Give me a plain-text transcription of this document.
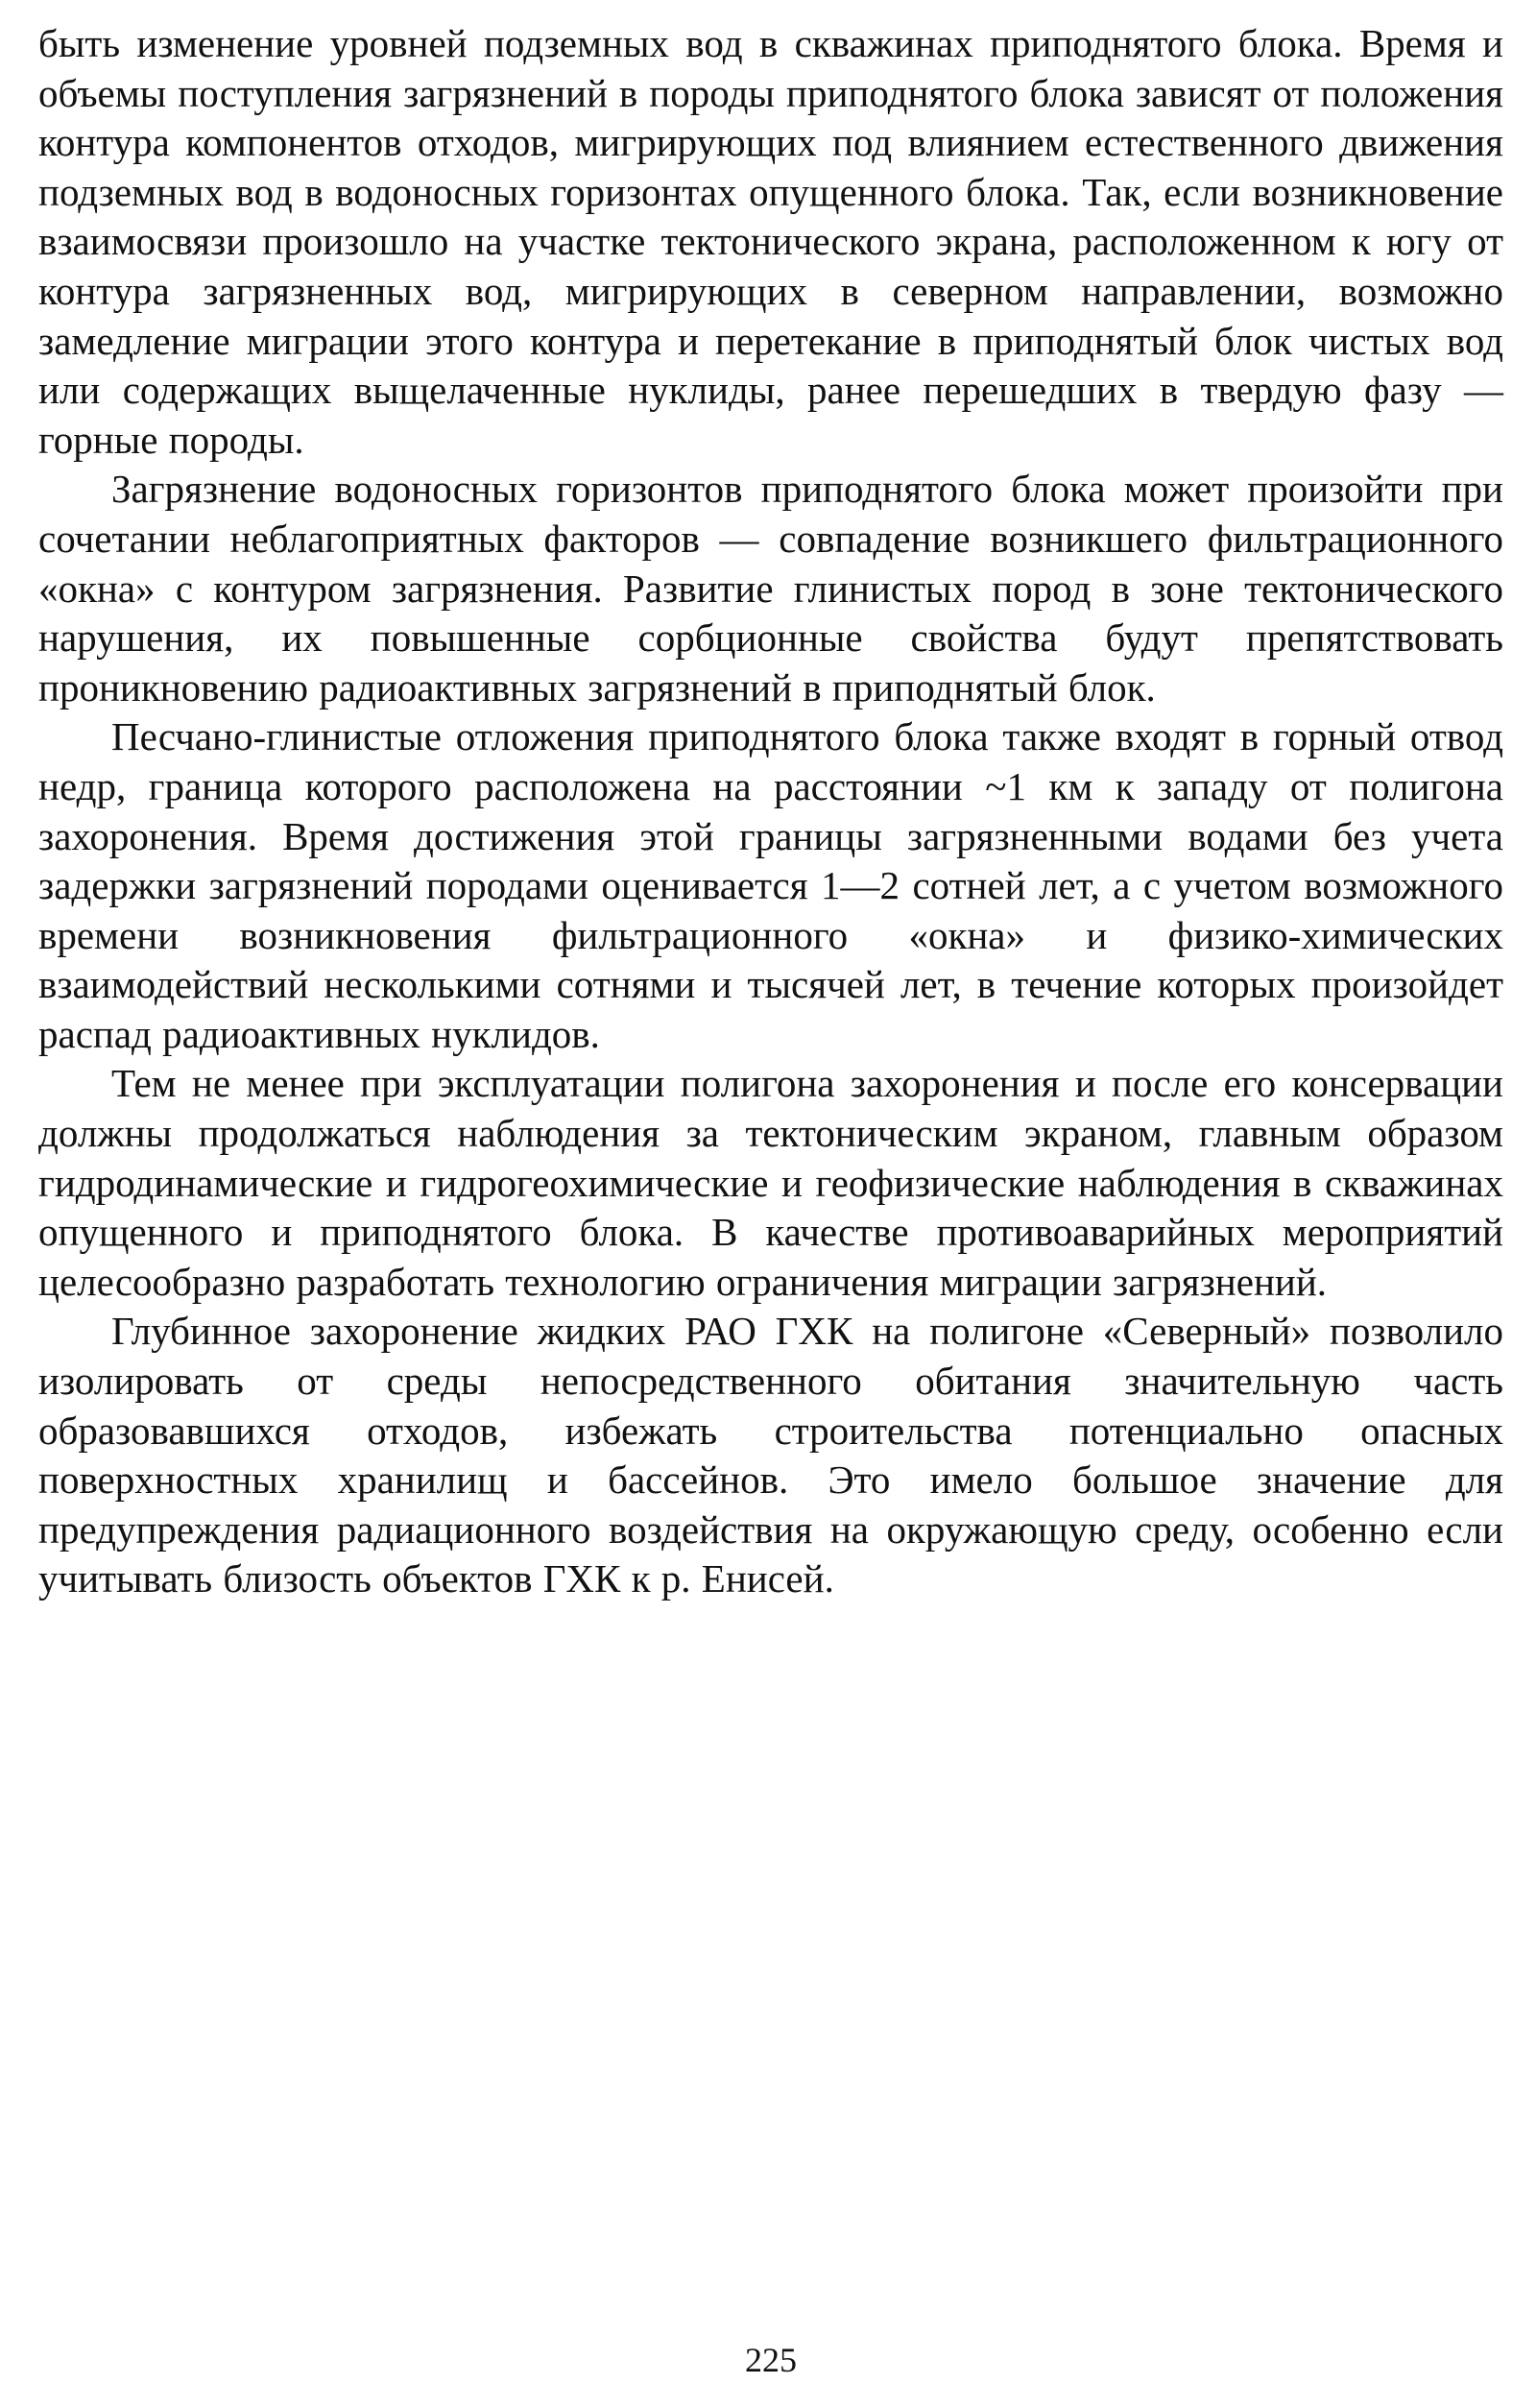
быть изменение уровней подземных вод в скважинах приподнятого блока. Время и объемы поступления загрязнений в породы приподнятого блока зависят от положения контура компонентов отходов, мигрирующих под влиянием естественного движения подземных вод в водоносных горизонтах опущенного блока. Так, если возникновение взаимосвязи произошло на участке тектонического экрана, расположенном к югу от контура загрязненных вод, мигрирующих в северном направлении, возможно замедление миграции этого контура и перетекание в приподнятый блок чистых вод или содержащих выщелаченные нуклиды, ранее перешедших в твердую фазу — горные породы.

Загрязнение водоносных горизонтов приподнятого блока может произойти при сочетании неблагоприятных факторов — совпадение возникшего фильтрационного «окна» с контуром загрязнения. Развитие глинистых пород в зоне тектонического нарушения, их повышенные сорбционные свойства будут препятствовать проникновению радиоактивных загрязнений в приподнятый блок.

Песчано-глинистые отложения приподнятого блока также входят в горный отвод недр, граница которого расположена на расстоянии ~1 км к западу от полигона захоронения. Время достижения этой границы загрязненными водами без учета задержки загрязнений породами оценивается 1—2 сотней лет, а с учетом возможного времени возникновения фильтрационного «окна» и физико-химических взаимодействий несколькими сотнями и тысячей лет, в течение которых произойдет распад радиоактивных нуклидов.

Тем не менее при эксплуатации полигона захоронения и после его консервации должны продолжаться наблюдения за тектоническим экраном, главным образом гидродинамические и гидрогеохимические и геофизические наблюдения в скважинах опущенного и приподнятого блока. В качестве противоаварийных мероприятий целесообразно разработать технологию ограничения миграции загрязнений.

Глубинное захоронение жидких РАО ГХК на полигоне «Северный» позволило изолировать от среды непосредственного обитания значительную часть образовавшихся отходов, избежать строительства потенциально опасных поверхностных хранилищ и бассейнов. Это имело большое значение для предупреждения радиационного воздействия на окружающую среду, особенно если учитывать близость объектов ГХК к р. Енисей.

225
